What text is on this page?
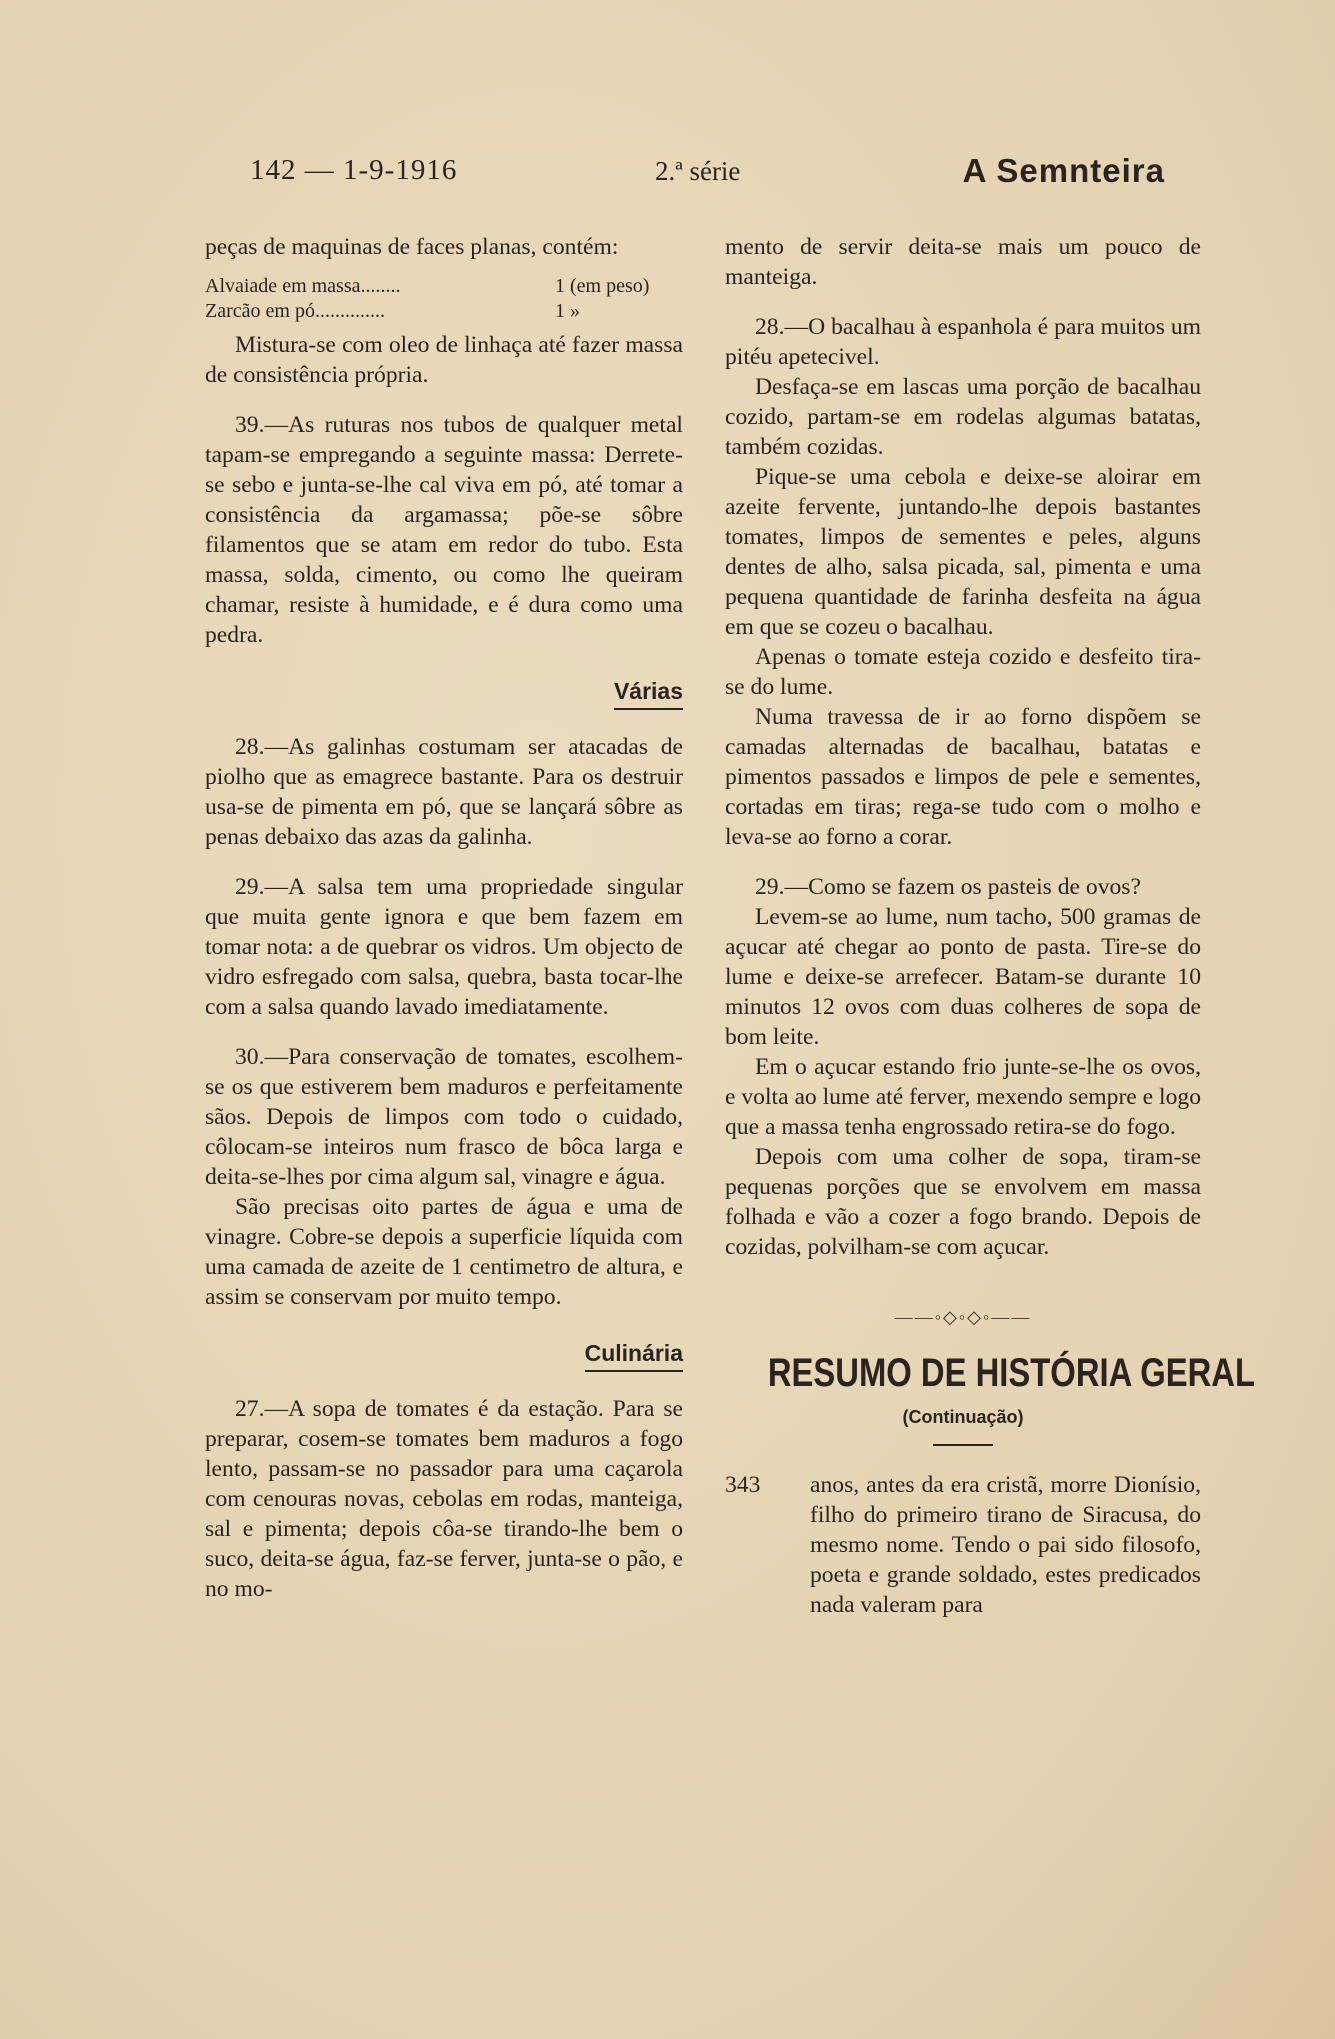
142 — 1-9-1916	2.ª série	A Semnteira

peças de maquinas de faces planas, contém:

Alvaiade em massa........	1 (em peso)
Zarcão em pó..............	1 »

Mistura-se com oleo de linhaça até fazer massa de consistência própria.

39.—As ruturas nos tubos de qualquer metal tapam-se empregando a seguinte massa: Derrete-se sebo e junta-se-lhe cal viva em pó, até tomar a consistência da argamassa; põe-se sôbre filamentos que se atam em redor do tubo. Esta massa, solda, cimento, ou como lhe queiram chamar, resiste à humidade, e é dura como uma pedra.

Várias

28.—As galinhas costumam ser atacadas de piolho que as emagrece bastante. Para os destruir usa-se de pimenta em pó, que se lançará sôbre as penas debaixo das azas da galinha.

29.—A salsa tem uma propriedade singular que muita gente ignora e que bem fazem em tomar nota: a de quebrar os vidros. Um objecto de vidro esfregado com salsa, quebra, basta tocar-lhe com a salsa quando lavado imediatamente.

30.—Para conservação de tomates, escolhem-se os que estiverem bem maduros e perfeitamente sãos. Depois de limpos com todo o cuidado, côlocam-se inteiros num frasco de bôca larga e deita-se-lhes por cima algum sal, vinagre e água.

São precisas oito partes de água e uma de vinagre. Cobre-se depois a superficie líquida com uma camada de azeite de 1 centimetro de altura, e assim se conservam por muito tempo.

Culinária

27.—A sopa de tomates é da estação. Para se preparar, cosem-se tomates bem maduros a fogo lento, passam-se no passador para uma caçarola com cenouras novas, cebolas em rodas, manteiga, sal e pimenta; depois côa-se tirando-lhe bem o suco, deita-se água, faz-se ferver, junta-se o pão, e no mo-

mento de servir deita-se mais um pouco de manteiga.

28.—O bacalhau à espanhola é para muitos um pitéu apetecivel.

Desfaça-se em lascas uma porção de bacalhau cozido, partam-se em rodelas algumas batatas, também cozidas.

Pique-se uma cebola e deixe-se aloirar em azeite fervente, juntando-lhe depois bastantes tomates, limpos de sementes e peles, alguns dentes de alho, salsa picada, sal, pimenta e uma pequena quantidade de farinha desfeita na água em que se cozeu o bacalhau.

Apenas o tomate esteja cozido e desfeito tira-se do lume.

Numa travessa de ir ao forno dispõem se camadas alternadas de bacalhau, batatas e pimentos passados e limpos de pele e sementes, cortadas em tiras; rega-se tudo com o molho e leva-se ao forno a corar.

29.—Como se fazem os pasteis de ovos?

Levem-se ao lume, num tacho, 500 gramas de açucar até chegar ao ponto de pasta. Tire-se do lume e deixe-se arrefecer. Batam-se durante 10 minutos 12 ovos com duas colheres de sopa de bom leite.

Em o açucar estando frio junte-se-lhe os ovos, e volta ao lume até ferver, mexendo sempre e logo que a massa tenha engrossado retira-se do fogo.

Depois com uma colher de sopa, tiram-se pequenas porções que se envolvem em massa folhada e vão a cozer a fogo brando. Depois de cozidas, polvilham-se com açucar.

——◦◇◦◇◦——
RESUMO DE HISTÓRIA GERAL
(Continuação)
343	anos, antes da era cristã, morre Dionísio, filho do primeiro tirano de Siracusa, do mesmo nome. Tendo o pai sido filosofo, poeta e grande soldado, estes predicados nada valeram para
